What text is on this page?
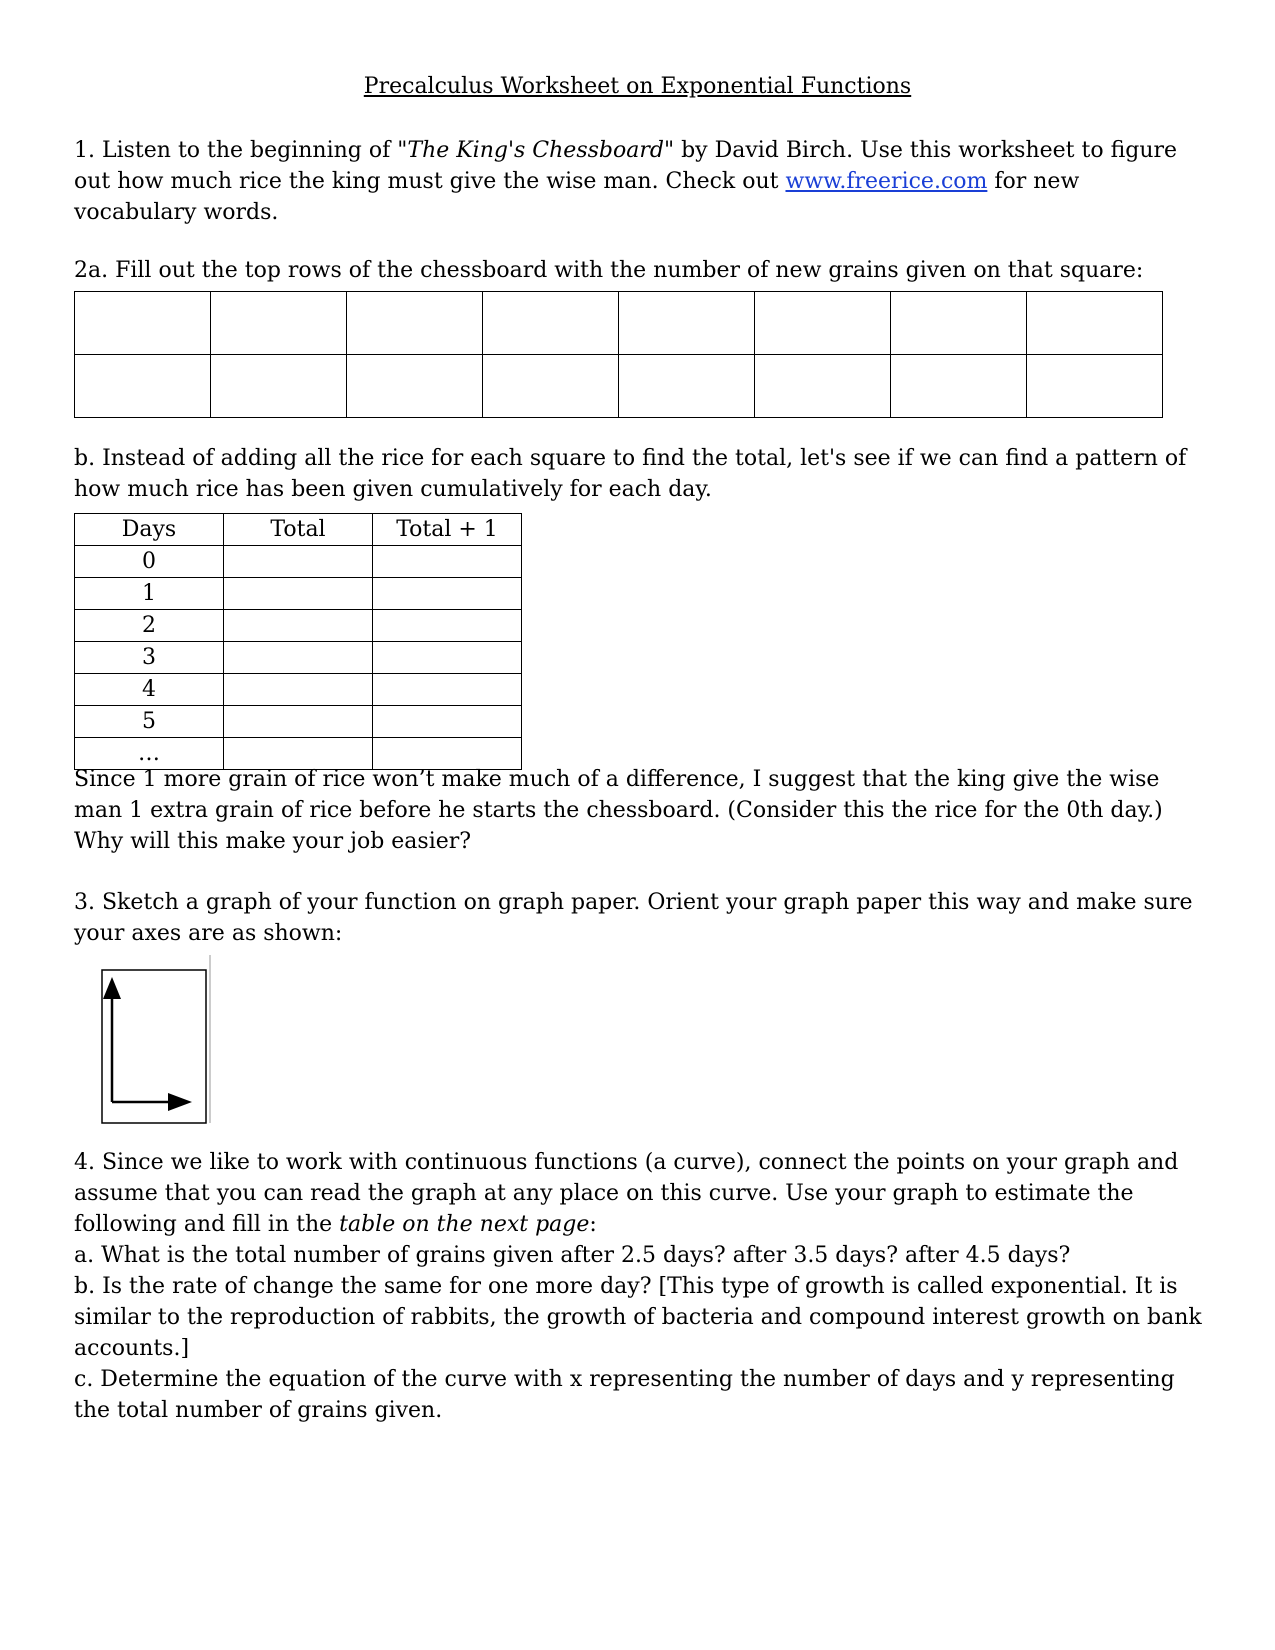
Precalculus Worksheet on Exponential Functions

1. Listen to the beginning of "The King's Chessboard" by David Birch. Use this worksheet to figure out how much rice the king must give the wise man. Check out www.freerice.com for new vocabulary words.

2a. Fill out the top rows of the chessboard with the number of new grains given on that square:

b. Instead of adding all the rice for each square to find the total, let's see if we can find a pattern of how much rice has been given cumulatively for each day.

Days	Total	Total + 1
0		
1		
2		
3		
4		
5		
…		

Since 1 more grain of rice won’t make much of a difference, I suggest that the king give the wise man 1 extra grain of rice before he starts the chessboard. (Consider this the rice for the 0th day.) Why will this make your job easier?

3. Sketch a graph of your function on graph paper. Orient your graph paper this way and make sure your axes are as shown:

4. Since we like to work with continuous functions (a curve), connect the points on your graph and assume that you can read the graph at any place on this curve. Use your graph to estimate the following and fill in the table on the next page:
a. What is the total number of grains given after 2.5 days? after 3.5 days? after 4.5 days?
b. Is the rate of change the same for one more day? [This type of growth is called exponential. It is similar to the reproduction of rabbits, the growth of bacteria and compound interest growth on bank accounts.]
c. Determine the equation of the curve with x representing the number of days and y representing the total number of grains given.
